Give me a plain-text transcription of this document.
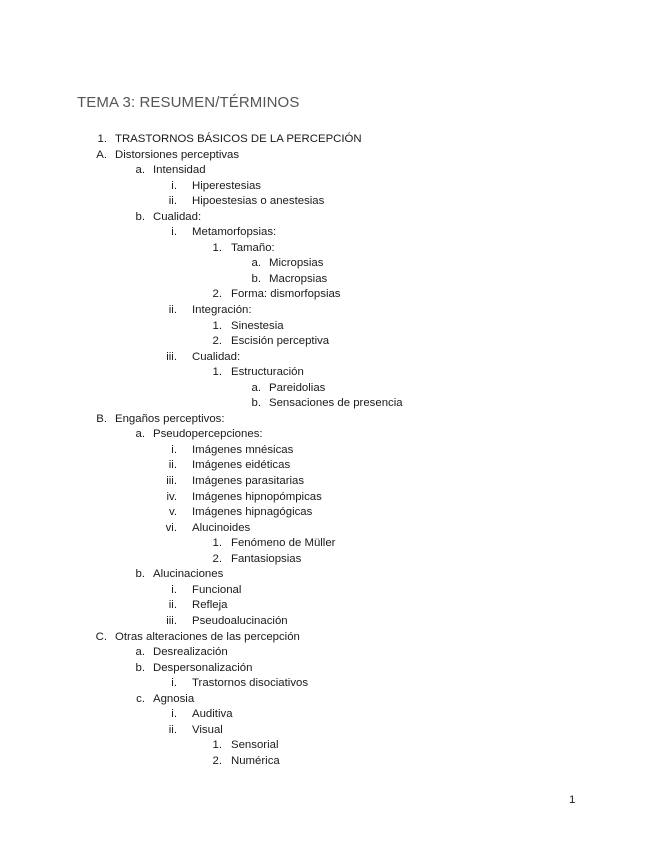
TEMA 3: RESUMEN/TÉRMINOS
1. TRASTORNOS BÁSICOS DE LA PERCEPCIÓN
A. Distorsiones perceptivas
a. Intensidad
i. Hiperestesias
ii. Hipoestesias o anestesias
b. Cualidad:
i. Metamorfopsias:
1. Tamaño:
a. Micropsias
b. Macropsias
2. Forma: dismorfopsias
ii. Integración:
1. Sinestesia
2. Escisión perceptiva
iii. Cualidad:
1. Estructuración
a. Pareidolias
b. Sensaciones de presencia
B. Engaños perceptivos:
a. Pseudopercepciones:
i. Imágenes mnésicas
ii. Imágenes eidéticas
iii. Imágenes parasitarias
iv. Imágenes hipnopómpicas
v. Imágenes hipnagógicas
vi. Alucinoides
1. Fenómeno de Müller
2. Fantasiopsias
b. Alucinaciones
i. Funcional
ii. Refleja
iii. Pseudoalucinación
C. Otras alteraciones de las percepción
a. Desrealización
b. Despersonalización
i. Trastornos disociativos
c. Agnosia
i. Auditiva
ii. Visual
1. Sensorial
2. Numérica
1
